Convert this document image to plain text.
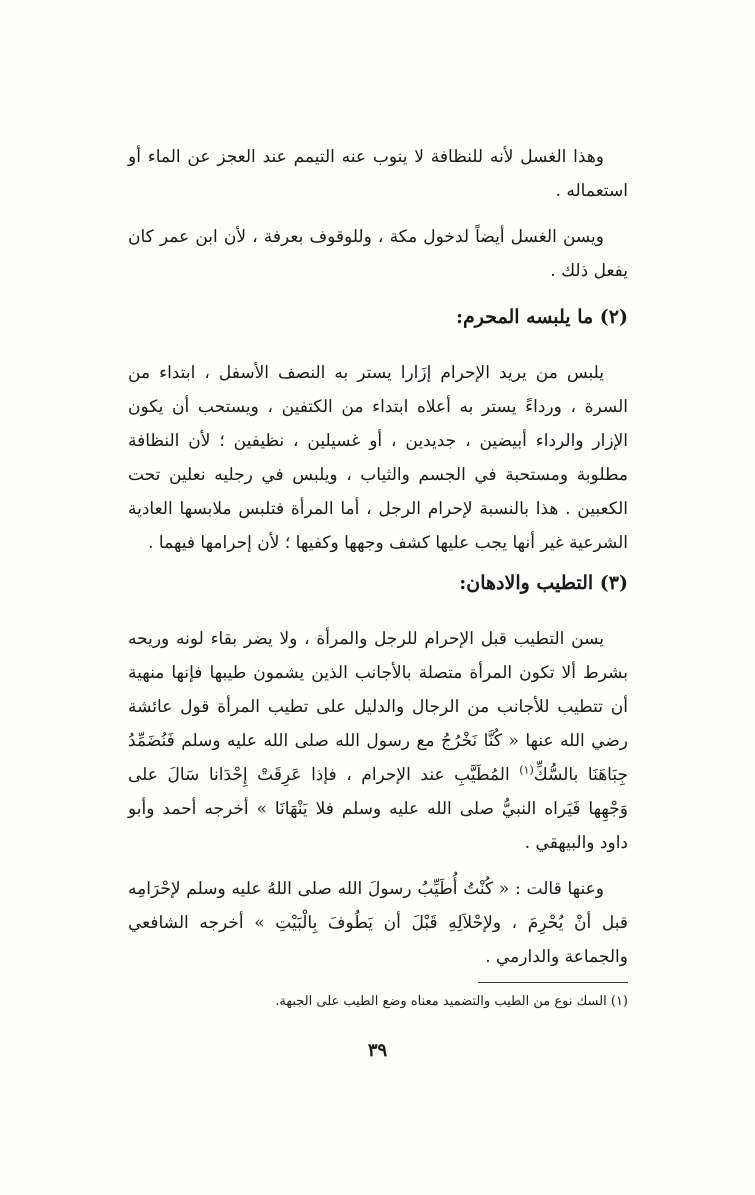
وهذا الغسل لأنه للنظافة لا ينوب عنه التيمم عند العجز عن الماء أو استعماله .

ويسن الغسل أيضاً لدخول مكة ، وللوقوف بعرفة ، لأن ابن عمر كان يفعل ذلك .

(٢) ما يلبسه المحرم:

يلبس من يريد الإحرام إزَارا يستر به النصف الأسفل ، ابتداء من السرة ، ورداءً يستر به أعلاه ابتداء من الكتفين ، ويستحب أن يكون الإزار والرداء أبيضين ، جديدين ، أو غسيلين ، نظيفين ؛ لأن النظافة مطلوبة ومستحبة في الجسم والثياب ، ويلبس في رجليه نعلين تحت الكعبين . هذا بالنسبة لإحرام الرجل ، أما المرأة فتلبس ملابسها العادية الشرعية غير أنها يجب عليها كشف وجهها وكفيها ؛ لأن إحرامها فيهما .

(٣) التطيب والادهان:

يسن التطيب قبل الإحرام للرجل والمرأة ، ولا يضر بقاء لونه وريحه بشرط ألا تكون المرأة متصلة بالأجانب الذين يشمون طيبها فإنها منهية أن تتطيب للأجانب من الرجال والدليل على تطيب المرأة قول عائشة رضي الله عنها « كُنَّا نَخْرُجُ مع رسول الله صلى الله عليه وسلم فَنُضَمِّدُ جِبَاهَنَا بالسُّكِّ$^{(١)}$ المُطَيَّبِ عند الإحرام ، فإذا عَرِقَتْ إِحْدَانا سَالَ على وَجْهِها فَيَراه النبيُّ صلى الله عليه وسلم فلا يَنْهَانَا » أخرجه أحمد وأبو داود والبيهقي .

وعنها قالت : « كُنْتُ أُطَيِّبُ رسولَ الله صلى اللهُ عليه وسلم لإحْرَامِه قبل أنْ يُحْرِمَ ، ولإحْلاَلِهِ قَبْلَ أن يَطُوفَ بِالْبَيْتِ » أخرجه الشافعي والجماعة والدارمي .

(١) السك نوع من الطيب والتضميد معناه وضع الطيب على الجبهة.

٣٩
